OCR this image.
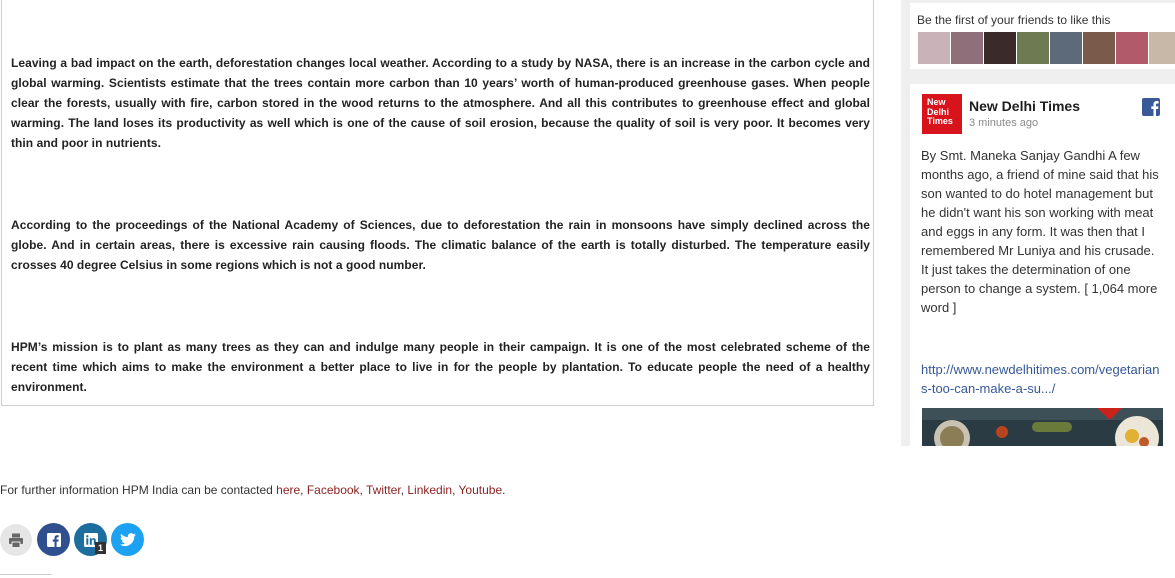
Leaving a bad impact on the earth, deforestation changes local weather. According to a study by NASA, there is an increase in the carbon cycle and global warming. Scientists estimate that the trees contain more carbon than 10 years’ worth of human-produced greenhouse gases. When people clear the forests, usually with fire, carbon stored in the wood returns to the atmosphere. And all this contributes to greenhouse effect and global warming. The land loses its productivity as well which is one of the cause of soil erosion, because the quality of soil is very poor. It becomes very thin and poor in nutrients.

According to the proceedings of the National Academy of Sciences, due to deforestation the rain in monsoons have simply declined across the globe. And in certain areas, there is excessive rain causing floods. The climatic balance of the earth is totally disturbed. The temperature easily crosses 40 degree Celsius in some regions which is not a good number.

HPM’s mission is to plant as many trees as they can and indulge many people in their campaign. It is one of the most celebrated scheme of the recent time which aims to make the environment a better place to live in for the people by plantation. To educate people the need of a healthy environment.

For further information HPM India can be contacted here, Facebook, Twitter, Linkedin, Youtube.
1
Be the first of your friends to like this
New
Delhi
Times
New Delhi Times
3 minutes ago

By Smt. Maneka Sanjay Gandhi A few months ago, a friend of mine said that his son wanted to do hotel management but he didn't want his son working with meat and eggs in any form. It was then that I remembered Mr Luniya and his crusade. It just takes the determination of one person to change a system. [ 1,064 more word ]

http://www.newdelhitimes.com/vegetarians-too-can-make-a-su.../
